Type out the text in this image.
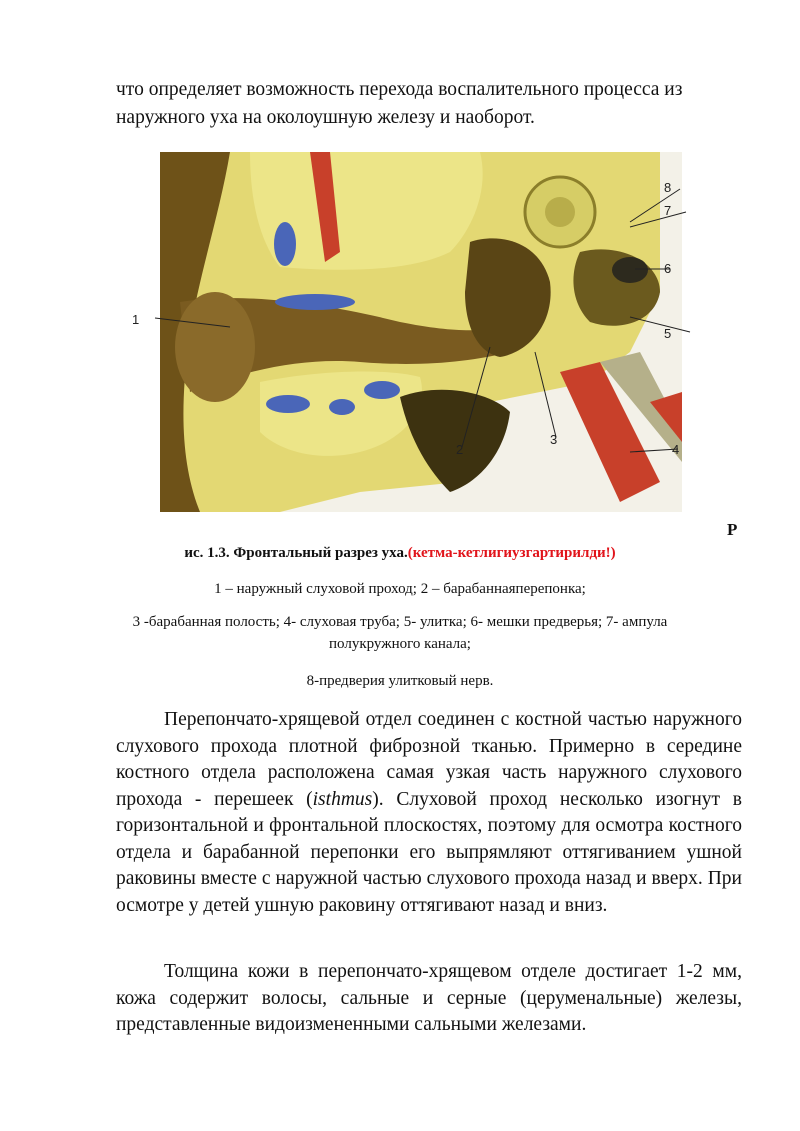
что определяет возможность перехода воспалительного процесса из наружного уха на околоушную железу и наоборот.

1
2
3
4
5
6
7
8
Р
ис. 1.3. Фронтальный разрез уха.(кетма-кетлигиузгартирилди!)
1 – наружный слуховой проход; 2 – барабаннаяперепонка;
3 -барабанная полость; 4- слуховая труба; 5- улитка; 6- мешки предверья; 7- ампула полукружного канала;
8-предверия улитковый нерв.

Перепончато-хрящевой отдел соединен с костной частью наружного слухового прохода плотной фиброзной тканью. Примерно в середине костного отдела расположена самая узкая часть наружного слухового прохода - перешеек (isthmus). Слуховой проход несколько изогнут в горизонтальной и фронтальной плоскостях, поэтому для осмотра костного отдела и барабанной перепонки его выпрямляют оттягиванием ушной раковины вместе с наружной частью слухового прохода назад и вверх. При осмотре у детей ушную раковину оттягивают назад и вниз.

Толщина кожи в перепончато-хрящевом отделе достигает 1-2 мм, кожа содержит волосы, сальные и серные (церуменальные) железы, представленные видоизмененными сальными железами.
